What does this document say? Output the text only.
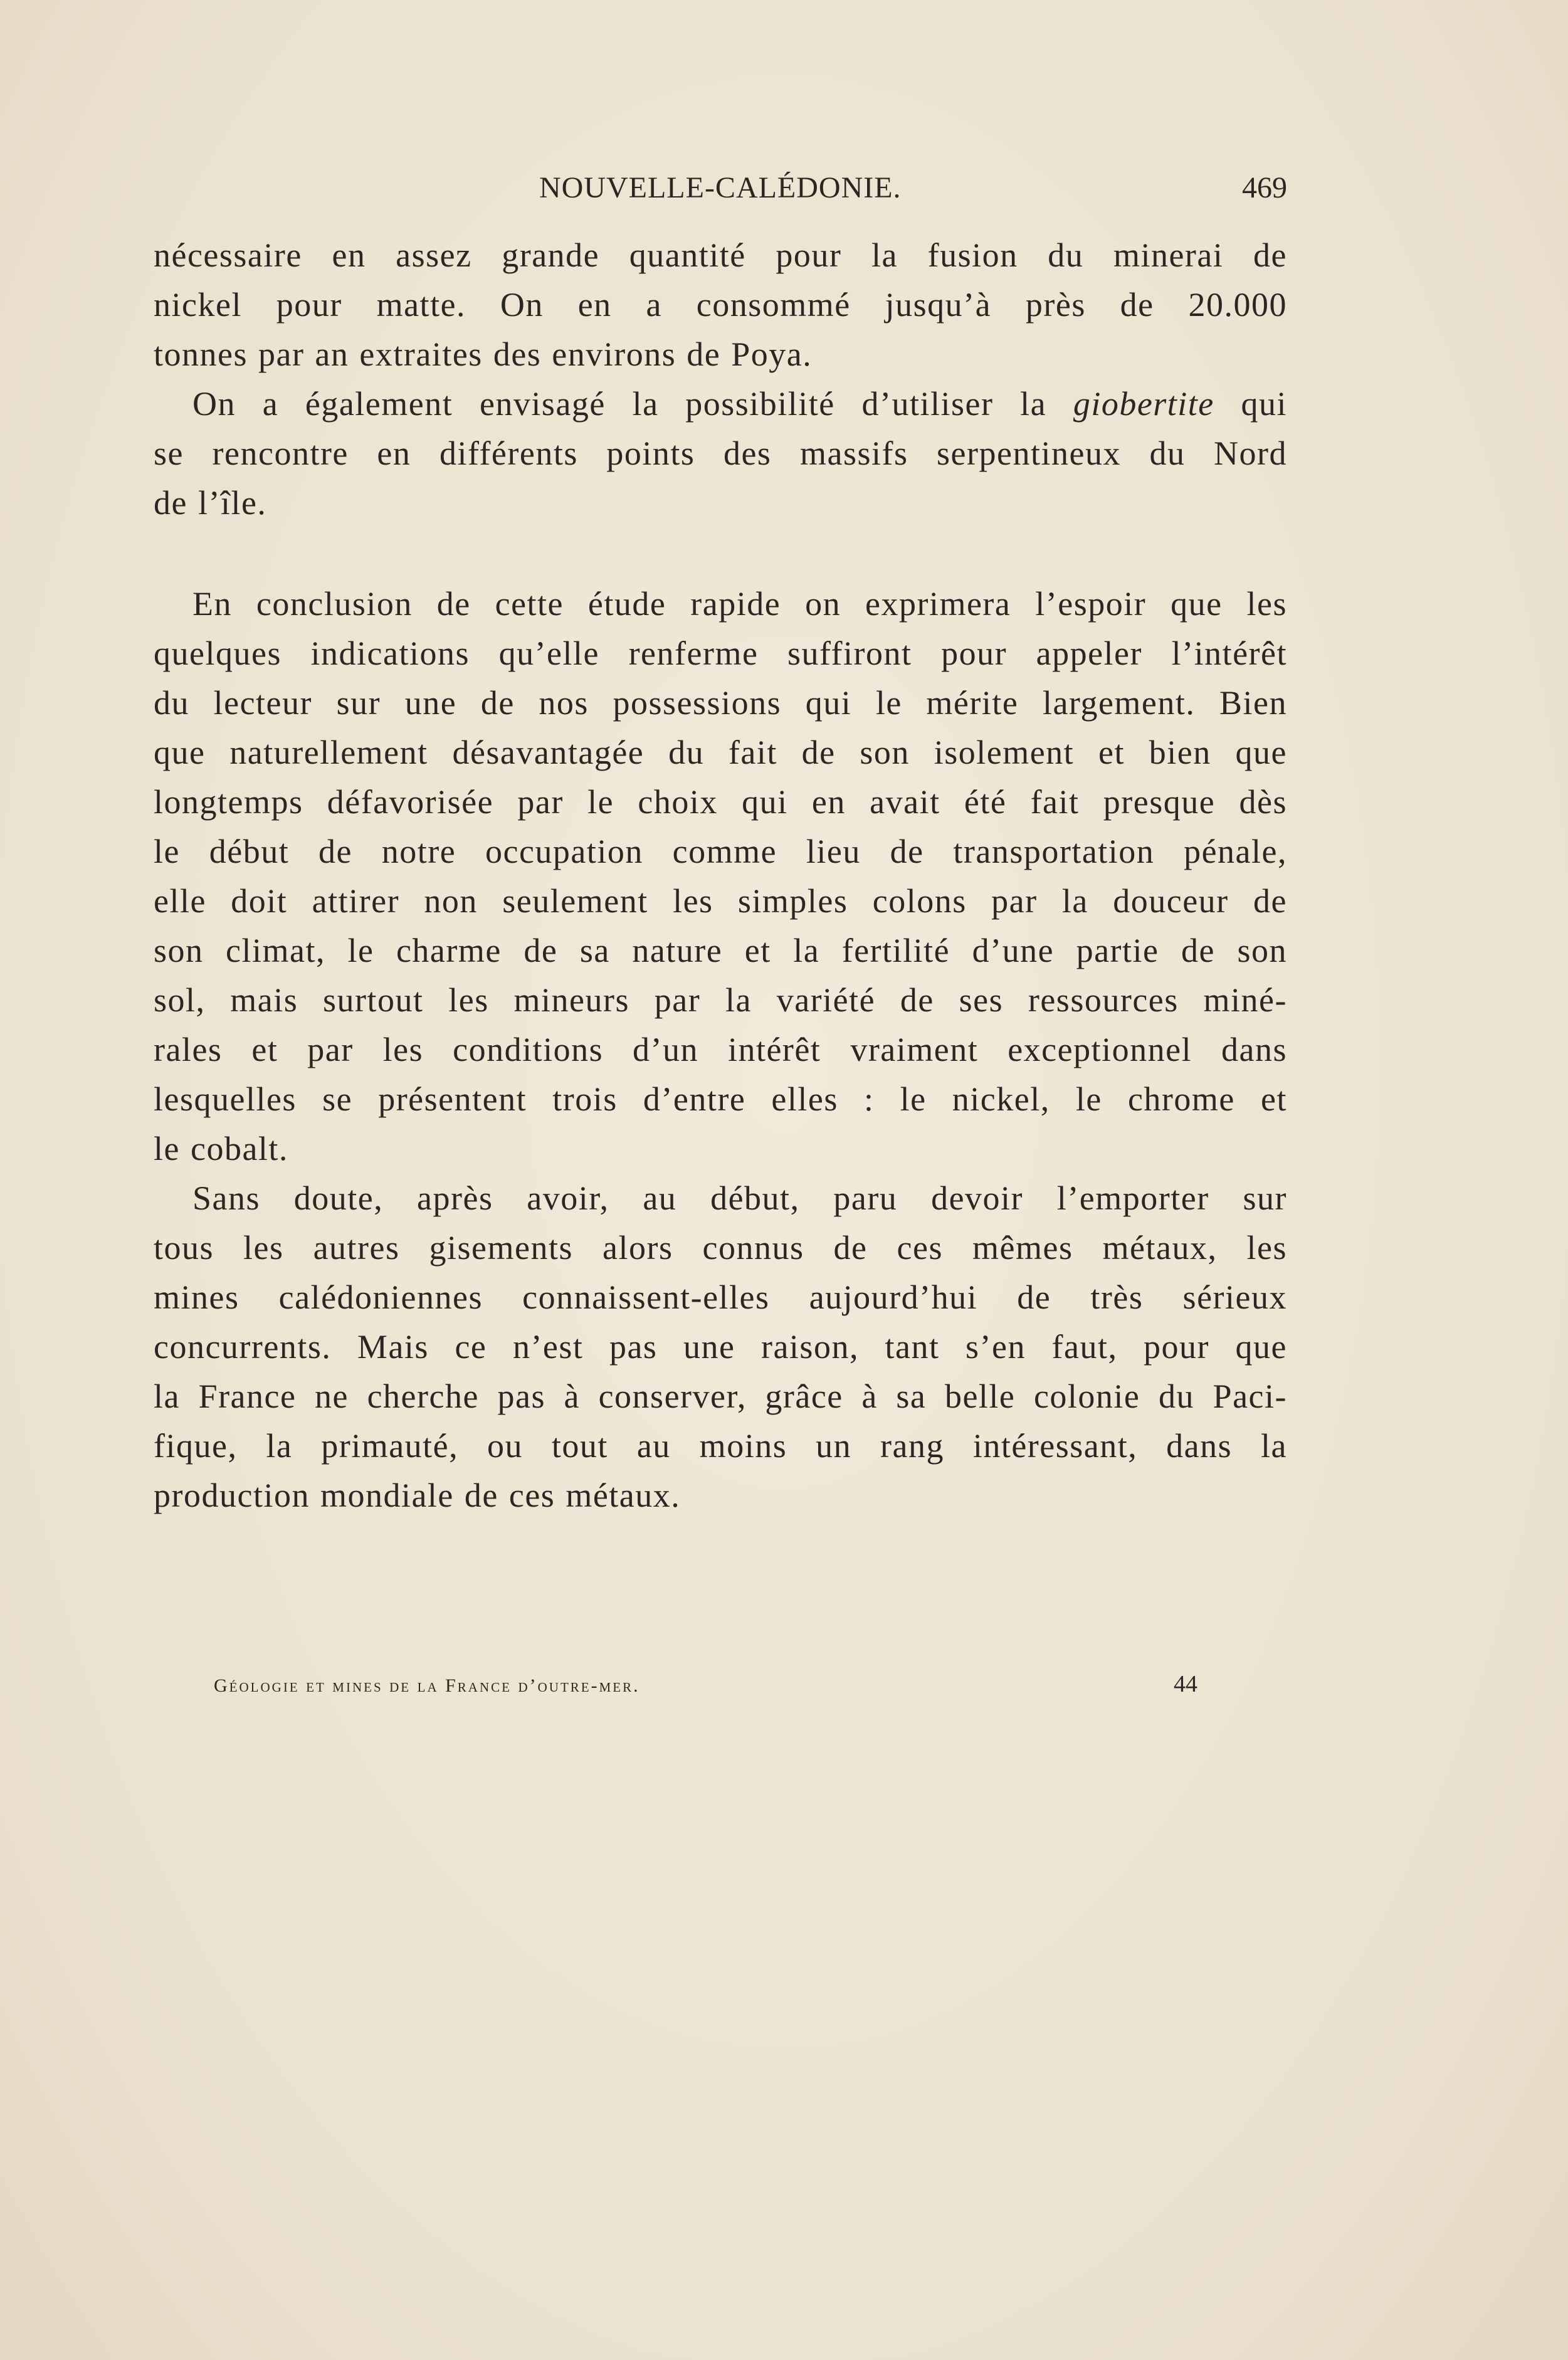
NOUVELLE-CALÉDONIE.	469
nécessaire en assez grande quantité pour la fusion du minerai de
nickel pour matte. On en a consommé jusqu’à près de 20.000
tonnes par an extraites des environs de Poya.
On a également envisagé la possibilité d’utiliser la giobertite qui
se rencontre en différents points des massifs serpentineux du Nord
de l’île.
En conclusion de cette étude rapide on exprimera l’espoir que les
quelques indications qu’elle renferme suffiront pour appeler l’intérêt
du lecteur sur une de nos possessions qui le mérite largement. Bien
que naturellement désavantagée du fait de son isolement et bien que
longtemps défavorisée par le choix qui en avait été fait presque dès
le début de notre occupation comme lieu de transportation pénale,
elle doit attirer non seulement les simples colons par la douceur de
son climat, le charme de sa nature et la fertilité d’une partie de son
sol, mais surtout les mineurs par la variété de ses ressources miné-
rales et par les conditions d’un intérêt vraiment exceptionnel dans
lesquelles se présentent trois d’entre elles : le nickel, le chrome et
le cobalt.
Sans doute, après avoir, au début, paru devoir l’emporter sur
tous les autres gisements alors connus de ces mêmes métaux, les
mines calédoniennes connaissent-elles aujourd’hui de très sérieux
concurrents. Mais ce n’est pas une raison, tant s’en faut, pour que
la France ne cherche pas à conserver, grâce à sa belle colonie du Paci-
fique, la primauté, ou tout au moins un rang intéressant, dans la
production mondiale de ces métaux.
Géologie et mines de la France d’outre-mer.	44
